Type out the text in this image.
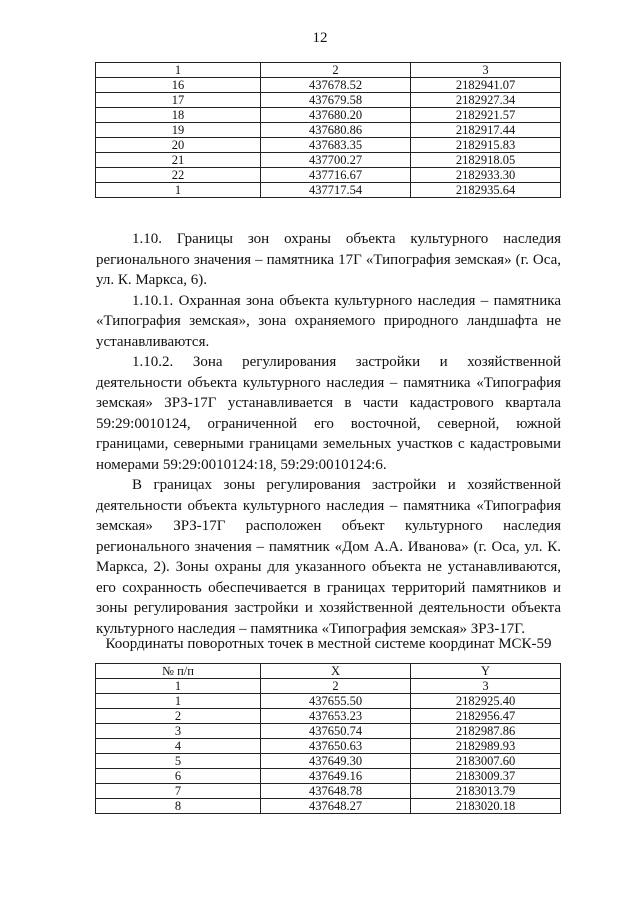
12
1	2	3
16	437678.52	2182941.07
17	437679.58	2182927.34
18	437680.20	2182921.57
19	437680.86	2182917.44
20	437683.35	2182915.83
21	437700.27	2182918.05
22	437716.67	2182933.30
1	437717.54	2182935.64

1.10. Границы зон охраны объекта культурного наследия регионального значения – памятника 17Г «Типография земская» (г. Оса, ул. К. Маркса, 6).

1.10.1. Охранная зона объекта культурного наследия – памятника «Типография земская», зона охраняемого природного ландшафта не устанавливаются.

1.10.2. Зона регулирования застройки и хозяйственной деятельности объекта культурного наследия – памятника «Типография земская» ЗРЗ-17Г устанавливается в части кадастрового квартала 59:29:0010124, ограниченной его восточной, северной, южной границами, северными границами земельных участков с кадастровыми номерами 59:29:0010124:18, 59:29:0010124:6.

В границах зоны регулирования застройки и хозяйственной деятельности объекта культурного наследия – памятника «Типография земская» ЗРЗ-17Г расположен объект культурного наследия регионального значения – памятник «Дом А.А. Иванова» (г. Оса, ул. К. Маркса, 2). Зоны охраны для указанного объекта не устанавливаются, его сохранность обеспечивается в границах территорий памятников и зоны регулирования застройки и хозяйственной деятельности объекта культурного наследия – памятника «Типография земская» ЗРЗ-17Г.

Координаты поворотных точек в местной системе координат МСК-59
№ п/п	X	Y
1	2	3
1	437655.50	2182925.40
2	437653.23	2182956.47
3	437650.74	2182987.86
4	437650.63	2182989.93
5	437649.30	2183007.60
6	437649.16	2183009.37
7	437648.78	2183013.79
8	437648.27	2183020.18
